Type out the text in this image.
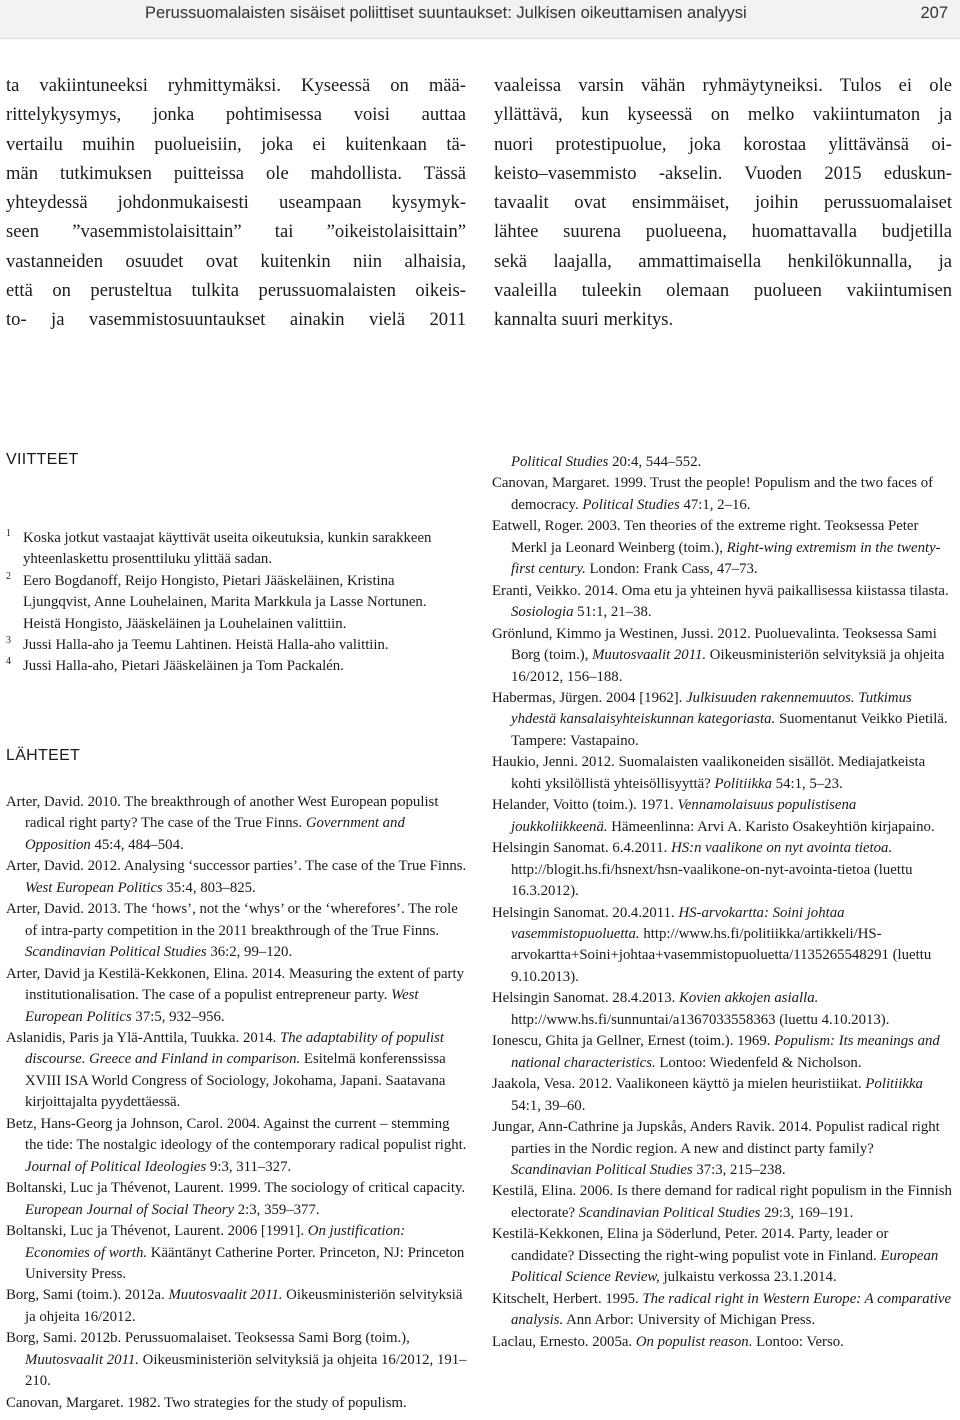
Perussuomalaisten sisäiset poliittiset suuntaukset: Julkisen oikeuttamisen analyysi	207
ta vakiintuneeksi ryhmittymäksi. Kyseessä on mää-
rittelykysymys, jonka pohtimisessa voisi auttaa
vertailu muihin puolueisiin, joka ei kuitenkaan tä-
män tutkimuksen puitteissa ole mahdollista. Tässä
yhteydessä johdonmukaisesti useampaan kysymyk-
seen ”vasemmistolaisittain” tai ”oikeistolaisittain”
vastanneiden osuudet ovat kuitenkin niin alhaisia,
että on perusteltua tulkita perussuomalaisten oikeis-
to- ja vasemmistosuuntaukset ainakin vielä 2011
vaaleissa varsin vähän ryhmäytyneiksi. Tulos ei ole
yllättävä, kun kyseessä on melko vakiintumaton ja
nuori protestipuolue, joka korostaa ylittävänsä oi-
keisto–vasemmisto -akselin. Vuoden 2015 eduskun-
tavaalit ovat ensimmäiset, joihin perussuomalaiset
lähtee suurena puolueena, huomattavalla budjetilla
sekä laajalla, ammattimaisella henkilökunnalla, ja
vaaleilla tuleekin olemaan puolueen vakiintumisen
kannalta suuri merkitys.
VIITTEET
1 Koska jotkut vastaajat käyttivät useita oikeutuksia, kunkin sarakkeen yhteenlaskettu prosenttiluku ylittää sadan.
2 Eero Bogdanoff, Reijo Hongisto, Pietari Jääskeläinen, Kristina Ljungqvist, Anne Louhelainen, Marita Markkula ja Lasse Nortunen. Heistä Hongisto, Jääskeläinen ja Louhelainen valittiin.
3 Jussi Halla-aho ja Teemu Lahtinen. Heistä Halla-aho valittiin.
4 Jussi Halla-aho, Pietari Jääskeläinen ja Tom Packalén.
LÄHTEET
Arter, David. 2010. The breakthrough of another West European populist radical right party? The case of the True Finns. Government and Opposition 45:4, 484–504.
Arter, David. 2012. Analysing ‘successor parties’. The case of the True Finns. West European Politics 35:4, 803–825.
Arter, David. 2013. The ‘hows’, not the ‘whys’ or the ‘wherefores’. The role of intra-party competition in the 2011 breakthrough of the True Finns. Scandinavian Political Studies 36:2, 99–120.
Arter, David ja Kestilä-Kekkonen, Elina. 2014. Measuring the extent of party institutionalisation. The case of a populist entrepreneur party. West European Politics 37:5, 932–956.
Aslanidis, Paris ja Ylä-Anttila, Tuukka. 2014. The adaptability of populist discourse. Greece and Finland in comparison. Esitelmä konferenssissa XVIII ISA World Congress of Sociology, Jokohama, Japani. Saatavana kirjoittajalta pyydettäessä.
Betz, Hans-Georg ja Johnson, Carol. 2004. Against the current – stemming the tide: The nostalgic ideology of the contemporary radical populist right. Journal of Political Ideologies 9:3, 311–327.
Boltanski, Luc ja Thévenot, Laurent. 1999. The sociology of critical capacity. European Journal of Social Theory 2:3, 359–377.
Boltanski, Luc ja Thévenot, Laurent. 2006 [1991]. On justification: Economies of worth. Kääntänyt Catherine Porter. Princeton, NJ: Princeton University Press.
Borg, Sami (toim.). 2012a. Muutosvaalit 2011. Oikeusministeriön selvityksiä ja ohjeita 16/2012.
Borg, Sami. 2012b. Perussuomalaiset. Teoksessa Sami Borg (toim.), Muutosvaalit 2011. Oikeusministeriön selvityksiä ja ohjeita 16/2012, 191–210.
Canovan, Margaret. 1982. Two strategies for the study of populism.
Political Studies 20:4, 544–552.
Canovan, Margaret. 1999. Trust the people! Populism and the two faces of democracy. Political Studies 47:1, 2–16.
Eatwell, Roger. 2003. Ten theories of the extreme right. Teoksessa Peter Merkl ja Leonard Weinberg (toim.), Right-wing extremism in the twenty-first century. London: Frank Cass, 47–73.
Eranti, Veikko. 2014. Oma etu ja yhteinen hyvä paikallisessa kiistassa tilasta. Sosiologia 51:1, 21–38.
Grönlund, Kimmo ja Westinen, Jussi. 2012. Puoluevalinta. Teoksessa Sami Borg (toim.), Muutosvaalit 2011. Oikeusministeriön selvityksiä ja ohjeita 16/2012, 156–188.
Habermas, Jürgen. 2004 [1962]. Julkisuuden rakennemuutos. Tutkimus yhdestä kansalaisyhteiskunnan kategoriasta. Suomentanut Veikko Pietilä. Tampere: Vastapaino.
Haukio, Jenni. 2012. Suomalaisten vaalikoneiden sisällöt. Mediajatkeista kohti yksilöllistä yhteisöllisyyttä? Politiikka 54:1, 5–23.
Helander, Voitto (toim.). 1971. Vennamolaisuus populistisena joukkoliikkeenä. Hämeenlinna: Arvi A. Karisto Osakeyhtiön kirjapaino.
Helsingin Sanomat. 6.4.2011. HS:n vaalikone on nyt avointa tietoa. http://blogit.hs.fi/hsnext/hsn-vaalikone-on-nyt-avointa-tietoa (luettu 16.3.2012).
Helsingin Sanomat. 20.4.2011. HS-arvokartta: Soini johtaa vasemmistopuoluetta. http://www.hs.fi/politiikka/artikkeli/HS-arvokartta+Soini+johtaa+vasemmistopuoluetta/1135265548291 (luettu 9.10.2013).
Helsingin Sanomat. 28.4.2013. Kovien akkojen asialla. http://www.hs.fi/sunnuntai/a1367033558363 (luettu 4.10.2013).
Ionescu, Ghita ja Gellner, Ernest (toim.). 1969. Populism: Its meanings and national characteristics. Lontoo: Wiedenfeld & Nicholson.
Jaakola, Vesa. 2012. Vaalikoneen käyttö ja mielen heuristiikat. Politiikka 54:1, 39–60.
Jungar, Ann-Cathrine ja Jupskås, Anders Ravik. 2014. Populist radical right parties in the Nordic region. A new and distinct party family? Scandinavian Political Studies 37:3, 215–238.
Kestilä, Elina. 2006. Is there demand for radical right populism in the Finnish electorate? Scandinavian Political Studies 29:3, 169–191.
Kestilä-Kekkonen, Elina ja Söderlund, Peter. 2014. Party, leader or candidate? Dissecting the right-wing populist vote in Finland. European Political Science Review, julkaistu verkossa 23.1.2014.
Kitschelt, Herbert. 1995. The radical right in Western Europe: A comparative analysis. Ann Arbor: University of Michigan Press.
Laclau, Ernesto. 2005a. On populist reason. Lontoo: Verso.
